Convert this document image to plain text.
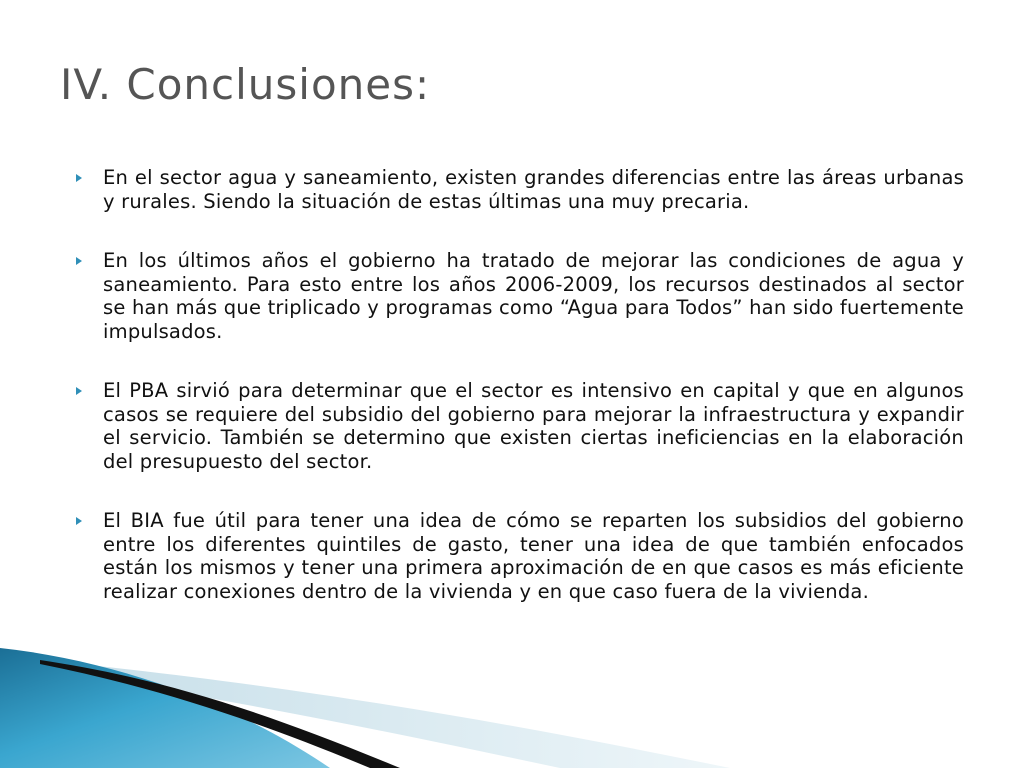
IV. Conclusiones:

En el sector agua y saneamiento, existen grandes diferencias entre las áreas urbanas y rurales. Siendo la situación de estas últimas una muy precaria.

En los últimos años el gobierno ha tratado de mejorar las condiciones de agua y saneamiento. Para esto entre los años 2006-2009, los recursos destinados al sector se han más que triplicado y programas como “Agua para Todos” han sido fuertemente impulsados.

El PBA sirvió para determinar que el sector es intensivo en capital y que en algunos casos se requiere del subsidio del gobierno para mejorar la infraestructura y expandir el servicio. También se determino que existen ciertas ineficiencias en la elaboración del presupuesto del sector.

El BIA fue útil para tener una idea de cómo se reparten los subsidios del gobierno entre los diferentes quintiles de gasto, tener una idea de que también enfocados están los mismos y tener una primera aproximación de en que casos es más eficiente realizar conexiones dentro de la vivienda y en que caso fuera de la vivienda.
